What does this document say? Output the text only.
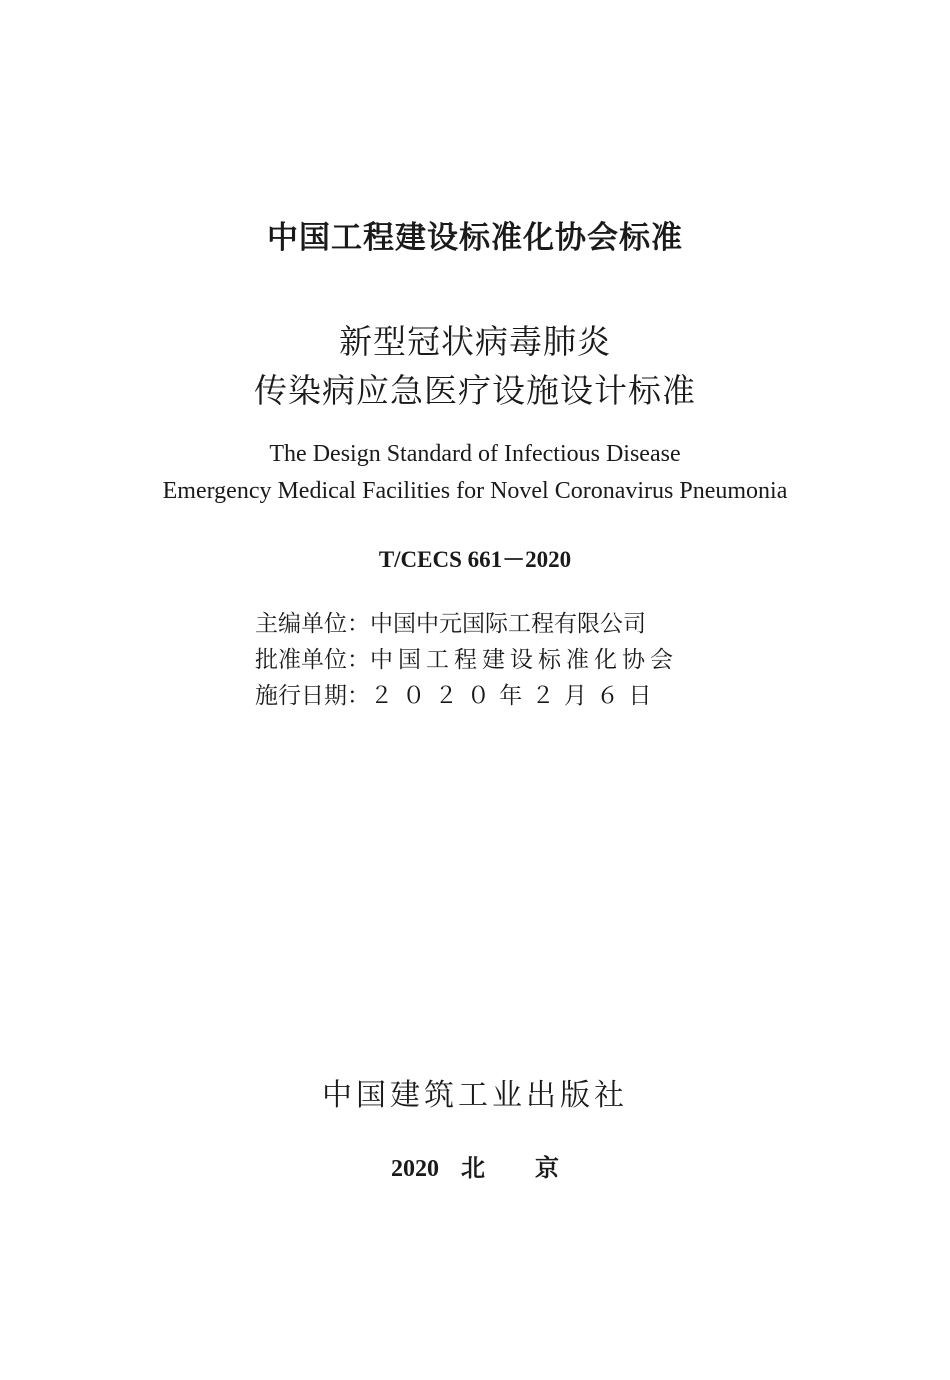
中国工程建设标准化协会标准
新型冠状病毒肺炎
传染病应急医疗设施设计标准
The Design Standard of Infectious Disease
Emergency Medical Facilities for Novel Coronavirus Pneumonia
T/CECS 661－2020
主编单位：中国中元国际工程有限公司
批准单位：中国工程建设标准化协会
施行日期：２ ０ ２ ０ 年 ２ 月 ６ 日
中国建筑工业出版社
2020 北京
